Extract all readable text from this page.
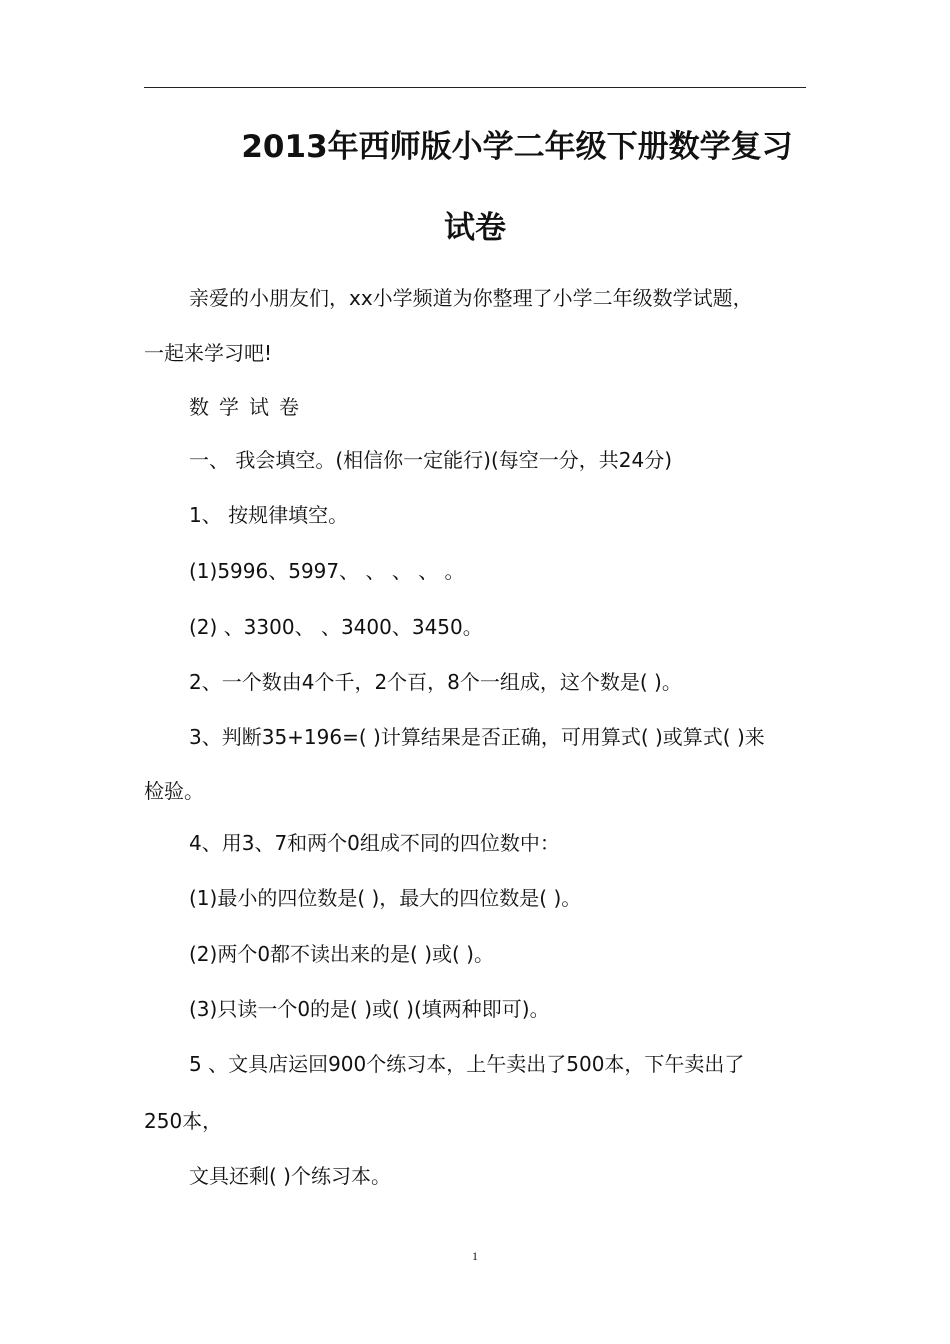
2013年西师版小学二年级下册数学复习
试卷
亲爱的小朋友们，xx小学频道为你整理了小学二年级数学试题，
一起来学习吧!
数学试卷
一、 我会填空。(相信你一定能行)(每空一分，共24分)
1、 按规律填空。
(1)5996、5997、 、 、 、 。
(2) 、3300、 、3400、3450。
2、一个数由4个千，2个百，8个一组成，这个数是( )。
3、判断35+196=( )计算结果是否正确，可用算式( )或算式( )来
检验。
4、用3、7和两个0组成不同的四位数中：
(1)最小的四位数是( )，最大的四位数是( )。
(2)两个0都不读出来的是( )或( )。
(3)只读一个0的是( )或( )(填两种即可)。
5 、文具店运回900个练习本，上午卖出了500本，下午卖出了
250本，
文具还剩( )个练习本。
1
